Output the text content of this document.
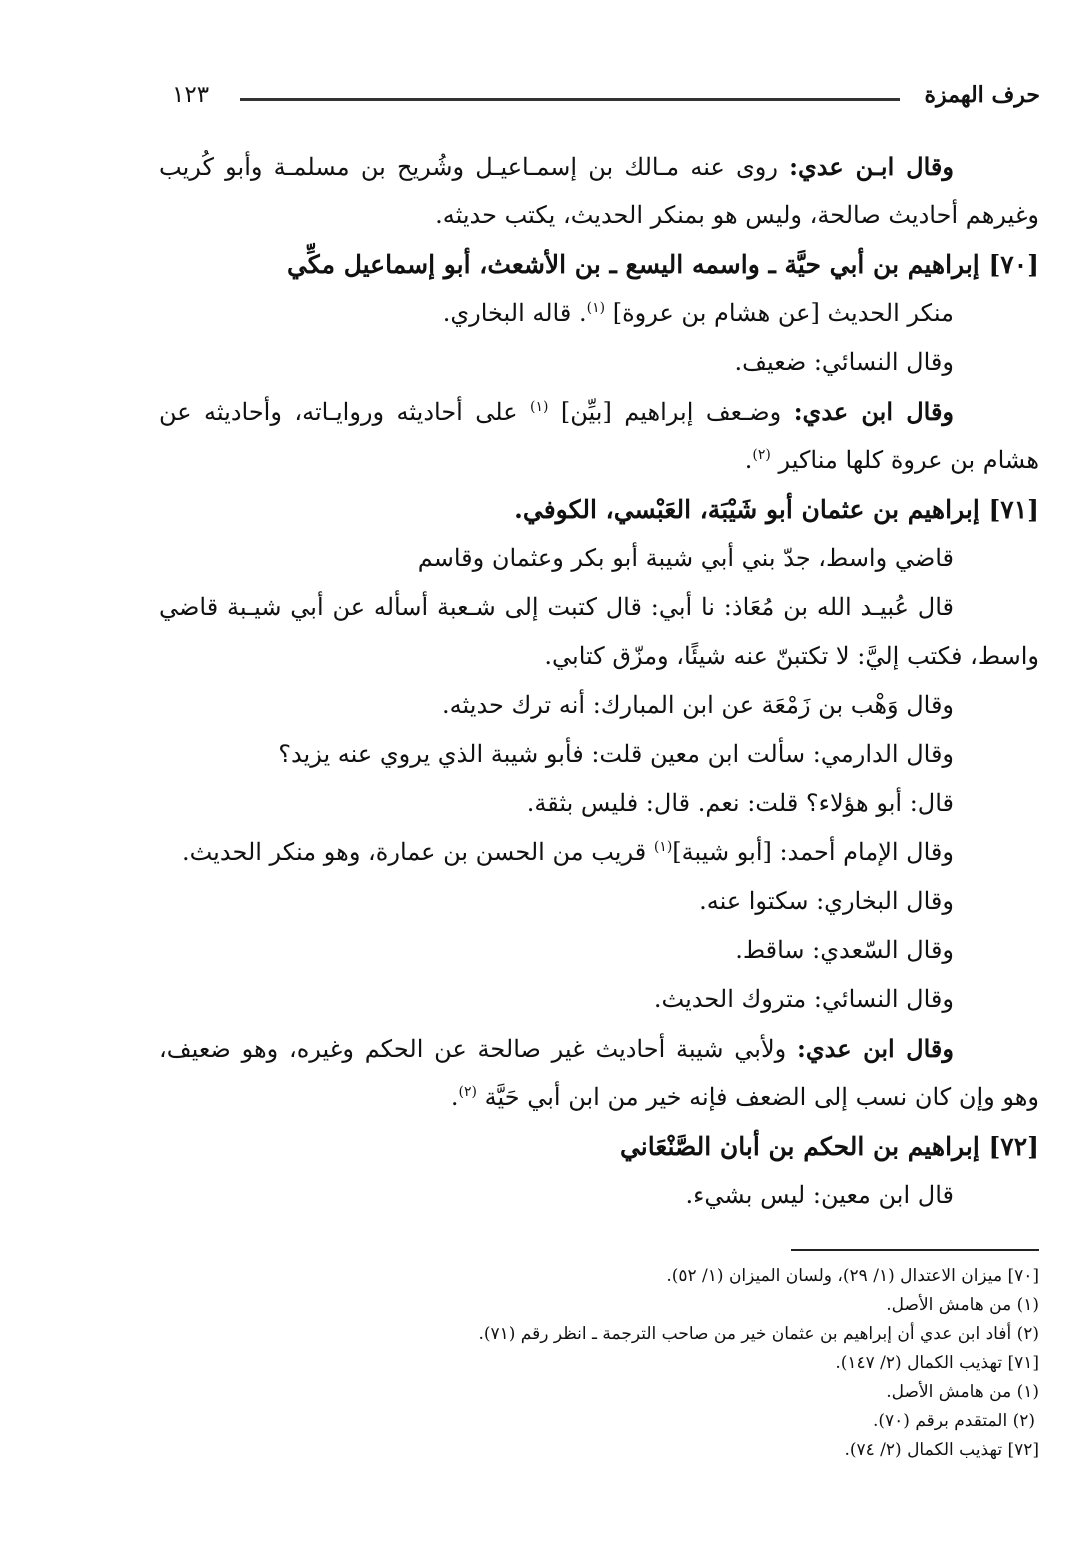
حرف الهمزة
١٢٣
وقال ابـن عدي: روى عنه مـالك بن إسمـاعيـل وشُريح بن مسلمـة وأبو كُريب
وغيرهم أحاديث صالحة، وليس هو بمنكر الحديث، يكتب حديثه.
[٧٠] إبراهيم بن أبي حيَّة ـ واسمه اليسع ـ بن الأشعث، أبو إسماعيل مكِّي
منكر الحديث [عن هشام بن عروة] $^{(١)}$. قاله البخاري.
وقال النسائي: ضعيف.
وقال ابن عدي: وضـعف إبراهيم [بيِّن] $^{(١)}$ على أحاديثه وروايـاته، وأحاديثه عن
هشام بن عروة كلها مناكير $^{(٢)}$.
[٧١] إبراهيم بن عثمان أبو شَيْبَة، العَبْسي، الكوفي.
قاضي واسط، جدّ بني أبي شيبة أبو بكر وعثمان وقاسم
قال عُبيـد الله بن مُعَاذ: نا أبي: قال كتبت إلى شـعبة أسأله عن أبي شيـبة قاضي
واسط، فكتب إليَّ: لا تكتبنّ عنه شيئًا، ومزّق كتابي.
وقال وَهْب بن زَمْعَة عن ابن المبارك: أنه ترك حديثه.
وقال الدارمي: سألت ابن معين قلت: فأبو شيبة الذي يروي عنه يزيد؟
قال: أبو هؤلاء؟ قلت: نعم. قال: فليس بثقة.
وقال الإمام أحمد: [أبو شيبة]$^{(١)}$ قريب من الحسن بن عمارة، وهو منكر الحديث.
وقال البخاري: سكتوا عنه.
وقال السّعدي: ساقط.
وقال النسائي: متروك الحديث.
وقال ابن عدي: ولأبي شيبة أحاديث غير صالحة عن الحكم وغيره، وهو ضعيف،
وهو وإن كان نسب إلى الضعف فإنه خير من ابن أبي حَيَّة $^{(٢)}$.
[٧٢] إبراهيم بن الحكم بن أبان الصَّنْعَاني
قال ابن معين: ليس بشيء.
[٧٠] ميزان الاعتدال (١/ ٢٩)، ولسان الميزان (١/ ٥٢).
(١) من هامش الأصل.
(٢) أفاد ابن عدي أن إبراهيم بن عثمان خير من صاحب الترجمة ـ انظر رقم (٧١).
[٧١] تهذيب الكمال (٢/ ١٤٧).
(١) من هامش الأصل.
(٢) المتقدم برقم (٧٠).
[٧٢] تهذيب الكمال (٢/ ٧٤).
